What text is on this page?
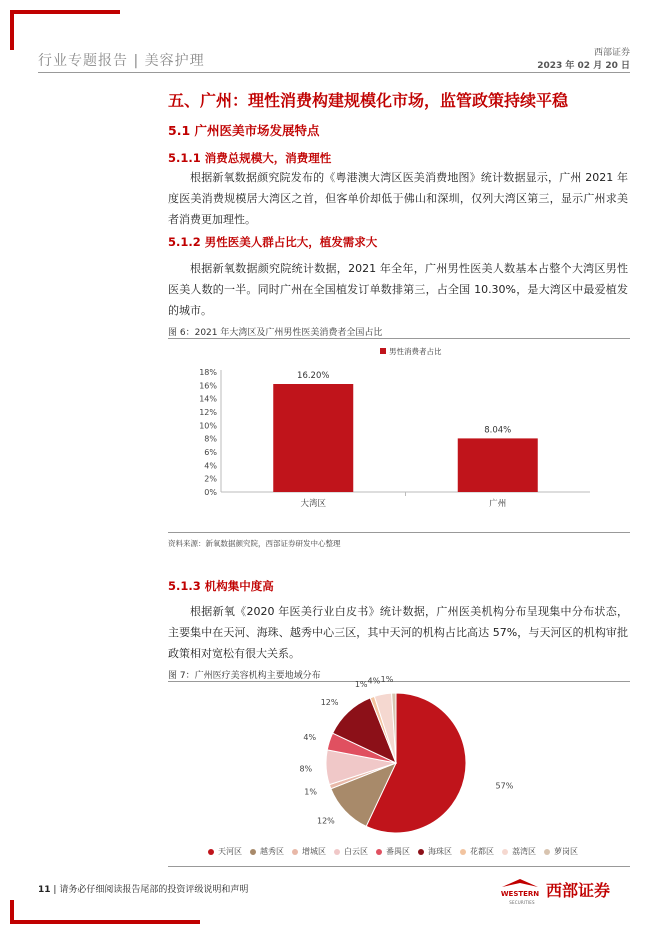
行业专题报告 | 美容护理	西部证券
2023 年 02 月 20 日
五、广州：理性消费构建规模化市场，监管政策持续平稳
5.1 广州医美市场发展特点
5.1.1 消费总规模大，消费理性
根据新氧数据颜究院发布的《粤港澳大湾区医美消费地图》统计数据显示，广州 2021 年度医美消费规模居大湾区之首，但客单价却低于佛山和深圳，仅列大湾区第三，显示广州求美者消费更加理性。
5.1.2 男性医美人群占比大，植发需求大
根据新氧数据颜究院统计数据，2021 年全年，广州男性医美人数基本占整个大湾区男性医美人数的一半。同时广州在全国植发订单数排第三，占全国 10.30%，是大湾区中最爱植发的城市。
图 6：2021 年大湾区及广州男性医美消费者全国占比
男性消费者占比
0%
2%
4%
6%
8%
10%
12%
14%
16%
18%	16.20%
大湾区
8.04%
广州
资料来源：新氧数据颜究院，西部证券研发中心整理
5.1.3 机构集中度高
根据新氧《2020 年医美行业白皮书》统计数据，广州医美机构分布呈现集中分布状态，主要集中在天河、海珠、越秀中心三区，其中天河的机构占比高达 57%，与天河区的机构审批政策相对宽松有很大关系。
图 7：广州医疗美容机构主要地域分布
57%
12%
1%
8%
4%
12%
1% 4% 1%
天河区 越秀区 增城区 白云区 番禺区 海珠区 花都区 荔湾区 萝岗区
11 | 请务必仔细阅读报告尾部的投资评级说明和声明	WESTERN
SECURITIES
西部证券
